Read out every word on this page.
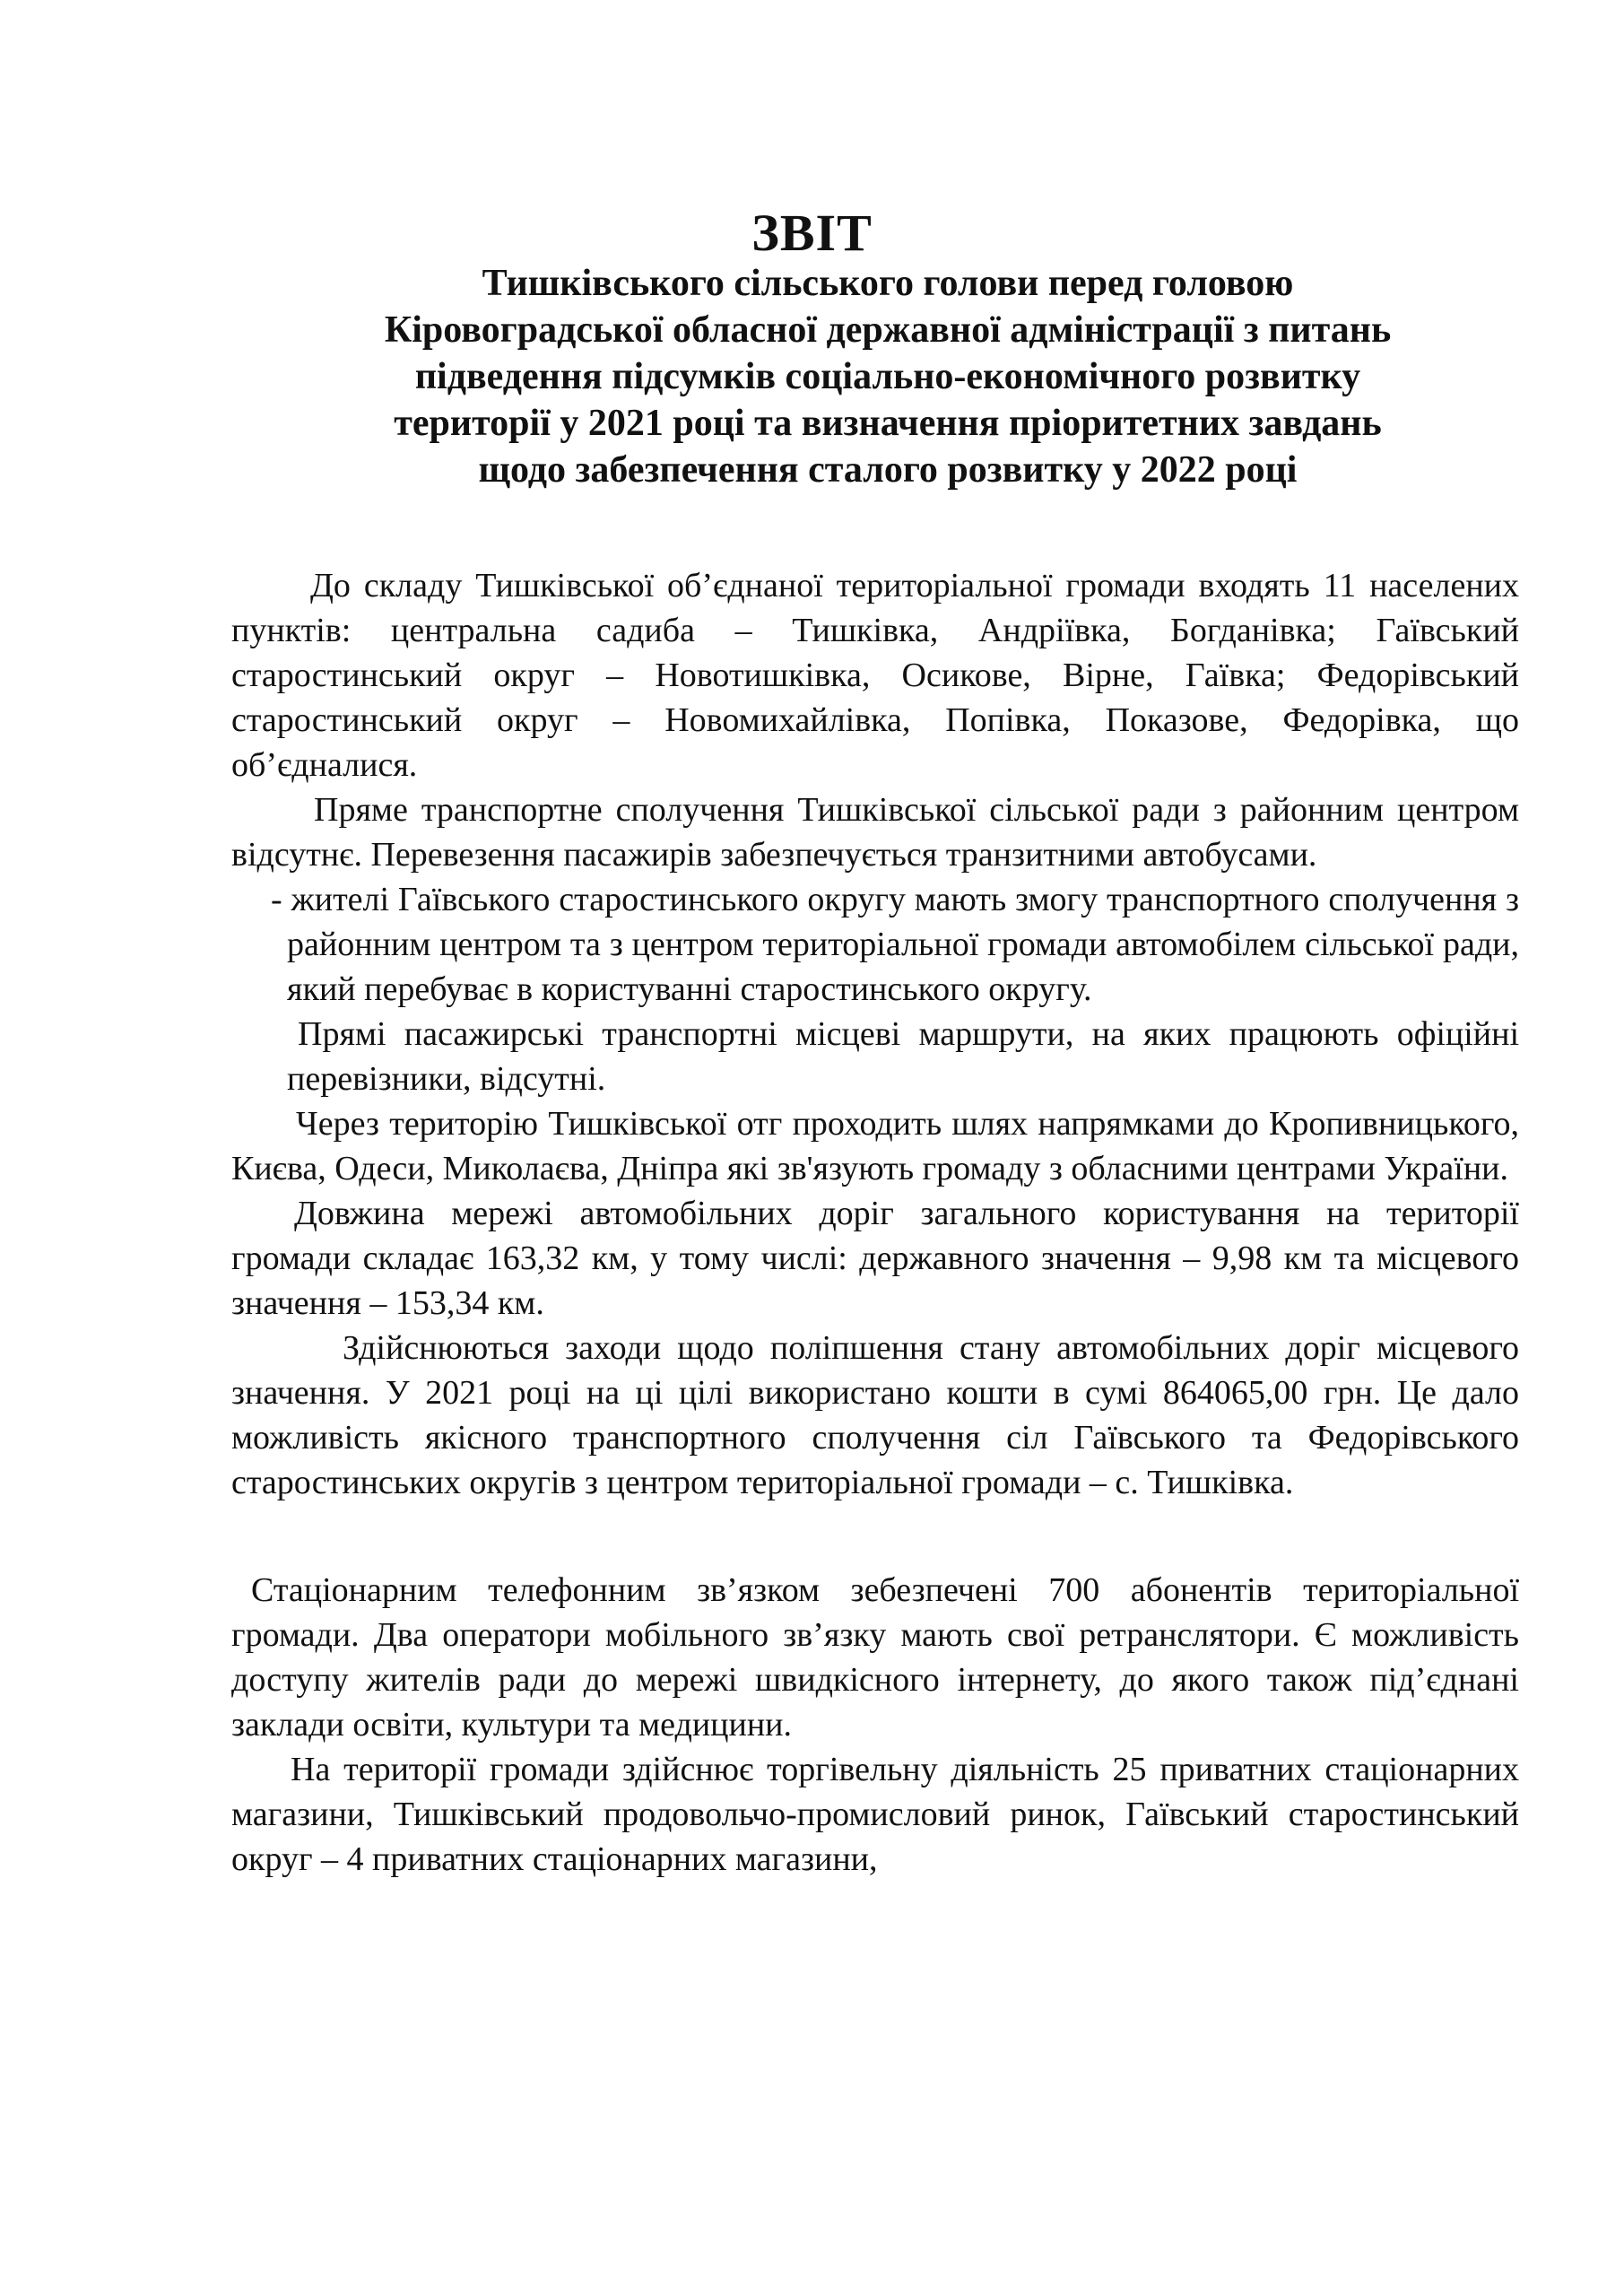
ЗВІТ
Тишківського сільського голови перед головою
Кіровоградської обласної державної адміністрації з питань
підведення підсумків соціально-економічного розвитку
території у 2021 році та визначення пріоритетних завдань
щодо забезпечення сталого розвитку у 2022 році

До складу Тишківської об’єднаної територіальної громади входять 11 населених пунктів: центральна садиба – Тишківка, Андріївка, Богданівка; Гаївський старостинський округ – Новотишківка, Осикове, Вірне, Гаївка; Федорівський старостинський округ – Новомихайлівка, Попівка, Показове, Федорівка, що об’єдналися.

Пряме транспортне сполучення Тишківської сільської ради з районним центром відсутнє. Перевезення пасажирів забезпечується транзитними автобусами.

- жителі Гаївського старостинського округу мають змогу транспортного сполучення з районним центром та з центром територіальної громади автомобілем сільської ради, який перебуває в користуванні старостинського округу.

Прямі пасажирські транспортні місцеві маршрути, на яких працюють офіційні перевізники, відсутні.

Через територію Тишківської отг проходить шлях напрямками до Кропивницького, Києва, Одеси, Миколаєва, Дніпра які зв'язують громаду з обласними центрами України.

Довжина мережі автомобільних доріг загального користування на території громади складає 163,32 км, у тому числі: державного значення – 9,98 км та місцевого значення – 153,34 км.

Здійснюються заходи щодо поліпшення стану автомобільних доріг місцевого значення. У 2021 році на ці цілі використано кошти в сумі 864065,00 грн. Це дало можливість якісного транспортного сполучення сіл Гаївського та Федорівського старостинських округів з центром територіальної громади – с. Тишківка.

Стаціонарним телефонним зв’язком зебезпечені 700 абонентів територіальної громади. Два оператори мобільного зв’язку мають свої ретранслятори. Є можливість доступу жителів ради до мережі швидкісного інтернету, до якого також під’єднані заклади освіти, культури та медицини.

На території громади здійснює торгівельну діяльність 25 приватних стаціонарних магазини, Тишківський продовольчо-промисловий ринок, Гаївський старостинський округ – 4 приватних стаціонарних магазини,
